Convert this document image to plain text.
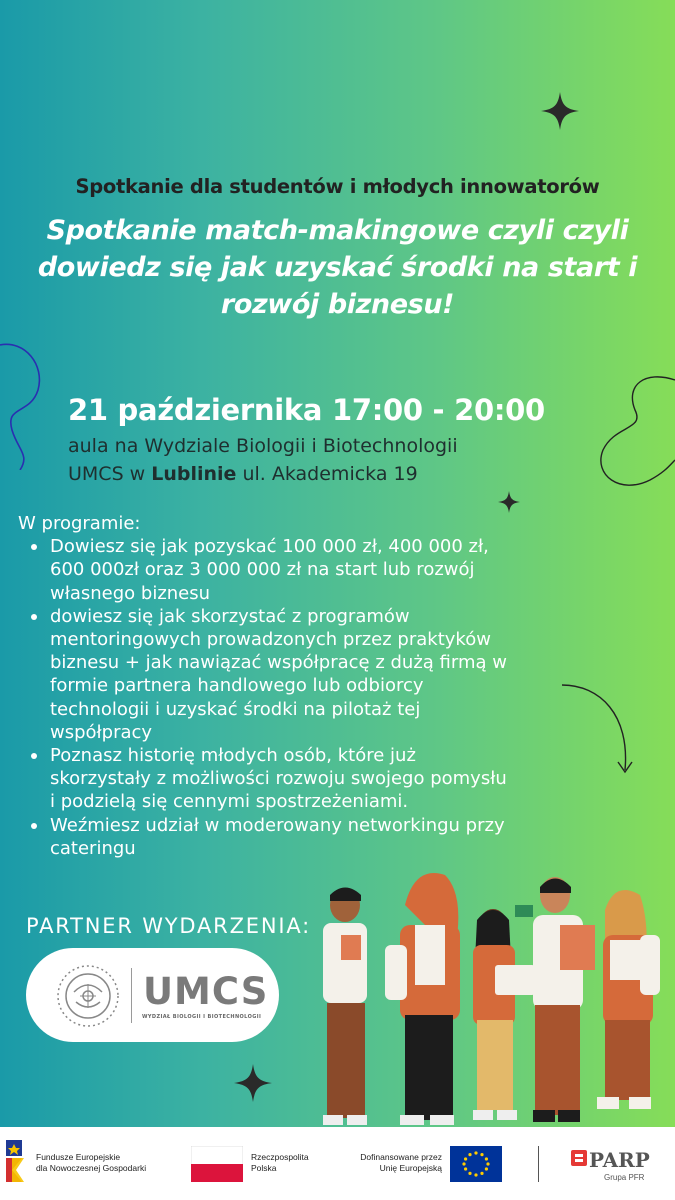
Spotkanie dla studentów i młodych innowatorów
Spotkanie match-makingowe czyli czyli
dowiedz się jak uzyskać środki na start i
rozwój biznesu!
21 października 17:00 - 20:00
aula na Wydziale Biologii i Biotechnologii
UMCS w Lublinie ul. Akademicka 19
W programie:
Dowiesz się jak pozyskać 100 000 zł, 400 000 zł,
600 000zł oraz 3 000 000 zł na start lub rozwój
własnego biznesu
dowiesz się jak skorzystać z programów
mentoringowych prowadzonych przez praktyków
biznesu + jak nawiązać współpracę z dużą firmą w
formie partnera handlowego lub odbiorcy
technologii i uzyskać środki na pilotaż tej
współpracy
Poznasz historię młodych osób, które już
skorzystały z możliwości rozwoju swojego pomysłu
i podzielą się cennymi spostrzeżeniami.
Weźmiesz udział w moderowany networkingu przy
cateringu
PARTNER WYDARZENIA:
UMCS
WYDZIAŁ BIOLOGII I BIOTECHNOLOGII
Fundusze Europejskie
dla Nowoczesnej Gospodarki
Rzeczpospolita
Polska
Dofinansowane przez
Unię Europejską	PARP
Grupa PFR
